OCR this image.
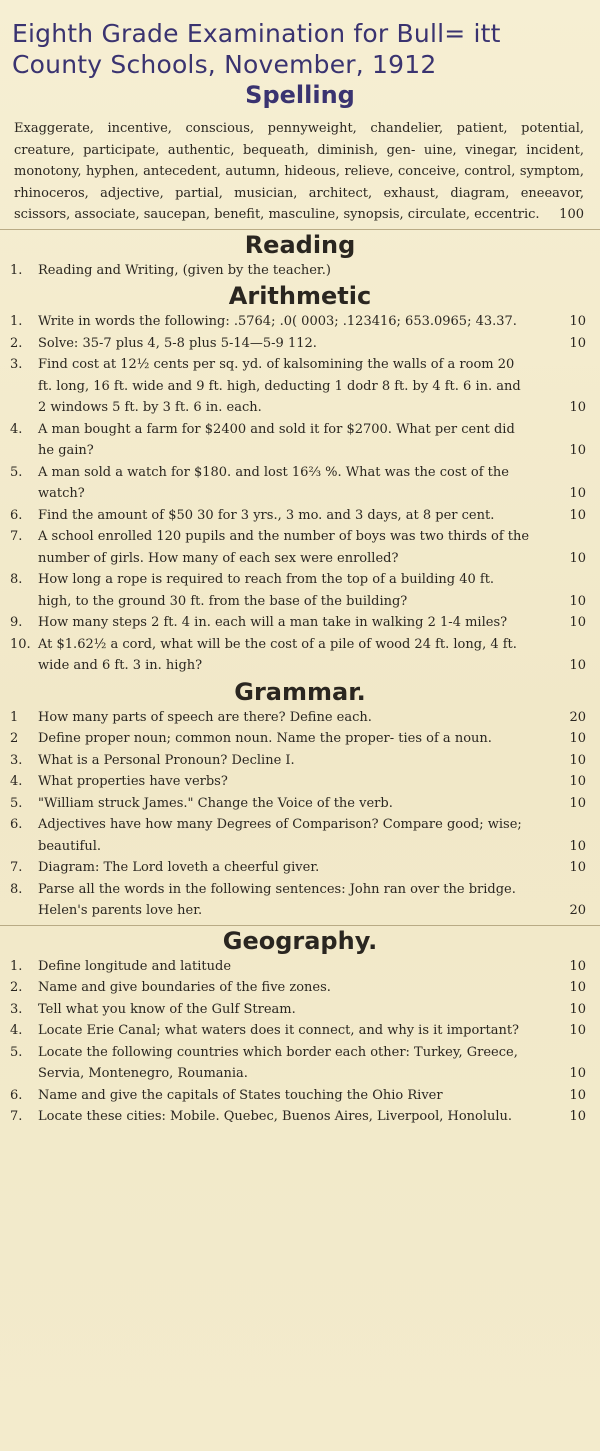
Eighth Grade Examination for Bull= itt County Schools, November, 1912
Spelling
Exaggerate, incentive, conscious, pennyweight, chandelier, patient, potential, creature, participate, authentic, bequeath, diminish, gen- uine, vinegar, incident, monotony, hyphen, antecedent, autumn, hideous, relieve, conceive, control, symptom, rhinoceros, adjective, partial, musician, architect, exhaust, diagram, eneeavor, scissors, associate, saucepan, benefit, masculine, synopsis, circulate, eccentric. 100
Reading
1.	Reading and Writing, (given by the teacher.)
Arithmetic
1.	Write in words the following: .5764; .0( 0003; .123416; 653.0965; 43.37.	10
2.	Solve: 35-7 plus 4, 5-8 plus 5-14—5-9 112.	10
3.	Find cost at 12½ cents per sq. yd. of kalsomining the walls of a room 20 ft. long, 16 ft. wide and 9 ft. high, deducting 1 dodr 8 ft. by 4 ft. 6 in. and 2 windows 5 ft. by 3 ft. 6 in. each.	10
4.	A man bought a farm for $2400 and sold it for $2700. What per cent did he gain?	10
5.	A man sold a watch for $180. and lost 16⅔ %. What was the cost of the watch?	10
6.	Find the amount of $50 30 for 3 yrs., 3 mo. and 3 days, at 8 per cent.	10
7.	A school enrolled 120 pupils and the number of boys was two thirds of the number of girls. How many of each sex were enrolled?	10
8.	How long a rope is required to reach from the top of a building 40 ft. high, to the ground 30 ft. from the base of the building?	10
9.	How many steps 2 ft. 4 in. each will a man take in walking 2 1-4 miles?	10
10. At $1.62½ a cord, what will be the cost of a pile of wood 24 ft. long, 4 ft. wide and 6 ft. 3 in. high?	10
Grammar.
1	How many parts of speech are there? Define each.	20
2	Define proper noun; common noun. Name the proper- ties of a noun.	10
3.	What is a Personal Pronoun? Decline I.	10
4.	What properties have verbs?	10
5.	"William struck James." Change the Voice of the verb.	10
6.	Adjectives have how many Degrees of Comparison? Compare good; wise; beautiful.	10
7.	Diagram: The Lord loveth a cheerful giver.	10
8.	Parse all the words in the following sentences: John ran over the bridge. Helen's parents love her.	20
Geography.
1.	Define longitude and latitude	10
2.	Name and give boundaries of the five zones.	10
3.	Tell what you know of the Gulf Stream.	10
4.	Locate Erie Canal; what waters does it connect, and why is it important?	10
5.	Locate the following countries which border each other: Turkey, Greece, Servia, Montenegro, Roumania.	10
6.	Name and give the capitals of States touching the Ohio River	10
7.	Locate these cities: Mobile. Quebec, Buenos Aires, Liverpool, Honolulu.	10
